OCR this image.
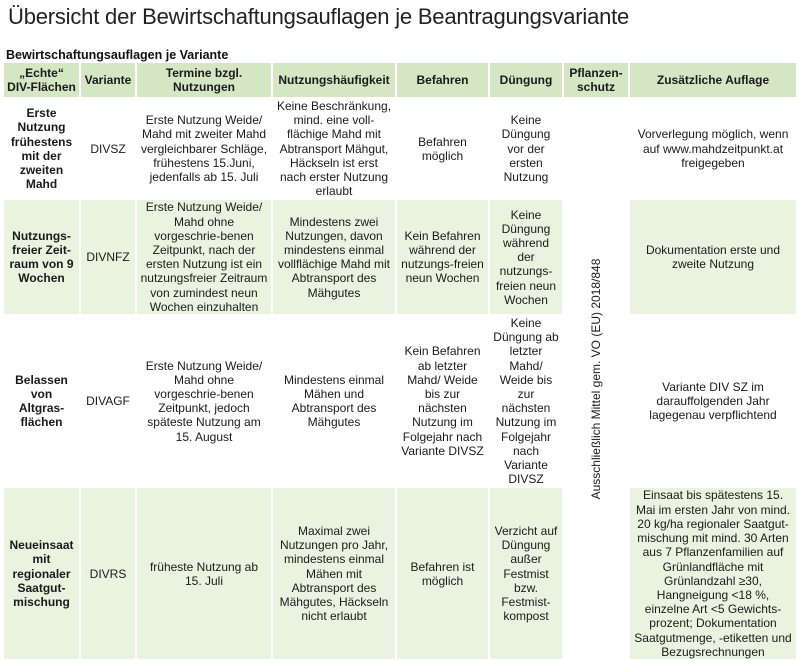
Übersicht der Bewirtschaftungsauflagen je Beantragungsvariante

Bewirtschaftungsauflagen je Variante

„Echte“ DIV-Flächen	Variante	Termine bzgl. Nutzungen	Nutzungshäufigkeit	Befahren	Düngung	Pflanzen-schutz	Zusätzliche Auflage
Erste Nutzung frühestens mit der zweiten Mahd	DIVSZ	Erste Nutzung Weide/ Mahd mit zweiter Mahd vergleichbarer Schläge, frühestens 15.Juni, jedenfalls ab 15. Juli	Keine Beschränkung, mind. eine voll-flächige Mahd mit Abtransport Mähgut, Häckseln ist erst nach erster Nutzung erlaubt	Befahren möglich	Keine Düngung vor der ersten Nutzung	Ausschließlich Mittel gem. VO (EU) 2018/848	Vorverlegung möglich, wenn auf www.mahdzeitpunkt.at freigegeben
Nutzungs-freier Zeit-raum von 9 Wochen	DIVNFZ	Erste Nutzung Weide/ Mahd ohne vorgeschrie-benen Zeitpunkt, nach der ersten Nutzung ist ein nutzungsfreier Zeitraum von zumindest neun Wochen einzuhalten	Mindestens zwei Nutzungen, davon mindestens einmal vollflächige Mahd mit Abtransport des Mähgutes	Kein Befahren während der nutzungs-freien neun Wochen	Keine Düngung während der nutzungs-freien neun Wochen		Dokumentation erste und zweite Nutzung
Belassen von Altgras-flächen	DIVAGF	Erste Nutzung Weide/ Mahd ohne vorgeschrie-benen Zeitpunkt, jedoch späteste Nutzung am 15. August	Mindestens einmal Mähen und Abtransport des Mähgutes	Kein Befahren ab letzter Mahd/ Weide bis zur nächsten Nutzung im Folgejahr nach Variante DIVSZ	Keine Düngung ab letzter Mahd/ Weide bis zur nächsten Nutzung im Folgejahr nach Variante DIVSZ		Variante DIV SZ im darauffolgenden Jahr lagegenau verpflichtend
Neueinsaat mit regionaler Saatgut-mischung	DIVRS	früheste Nutzung ab 15. Juli	Maximal zwei Nutzungen pro Jahr, mindestens einmal Mähen mit Abtransport des Mähgutes, Häckseln nicht erlaubt	Befahren ist möglich	Verzicht auf Düngung außer Festmist bzw. Festmist-kompost		Einsaat bis spätestens 15. Mai im ersten Jahr von mind. 20 kg/ha regionaler Saatgut-mischung mit mind. 30 Arten aus 7 Pflanzenfamilien auf Grünlandfläche mit Grünlandzahl ≥30, Hangneigung <18 %, einzelne Art <5 Gewichts-prozent; Dokumentation Saatgutmenge, -etiketten und Bezugsrechnungen
